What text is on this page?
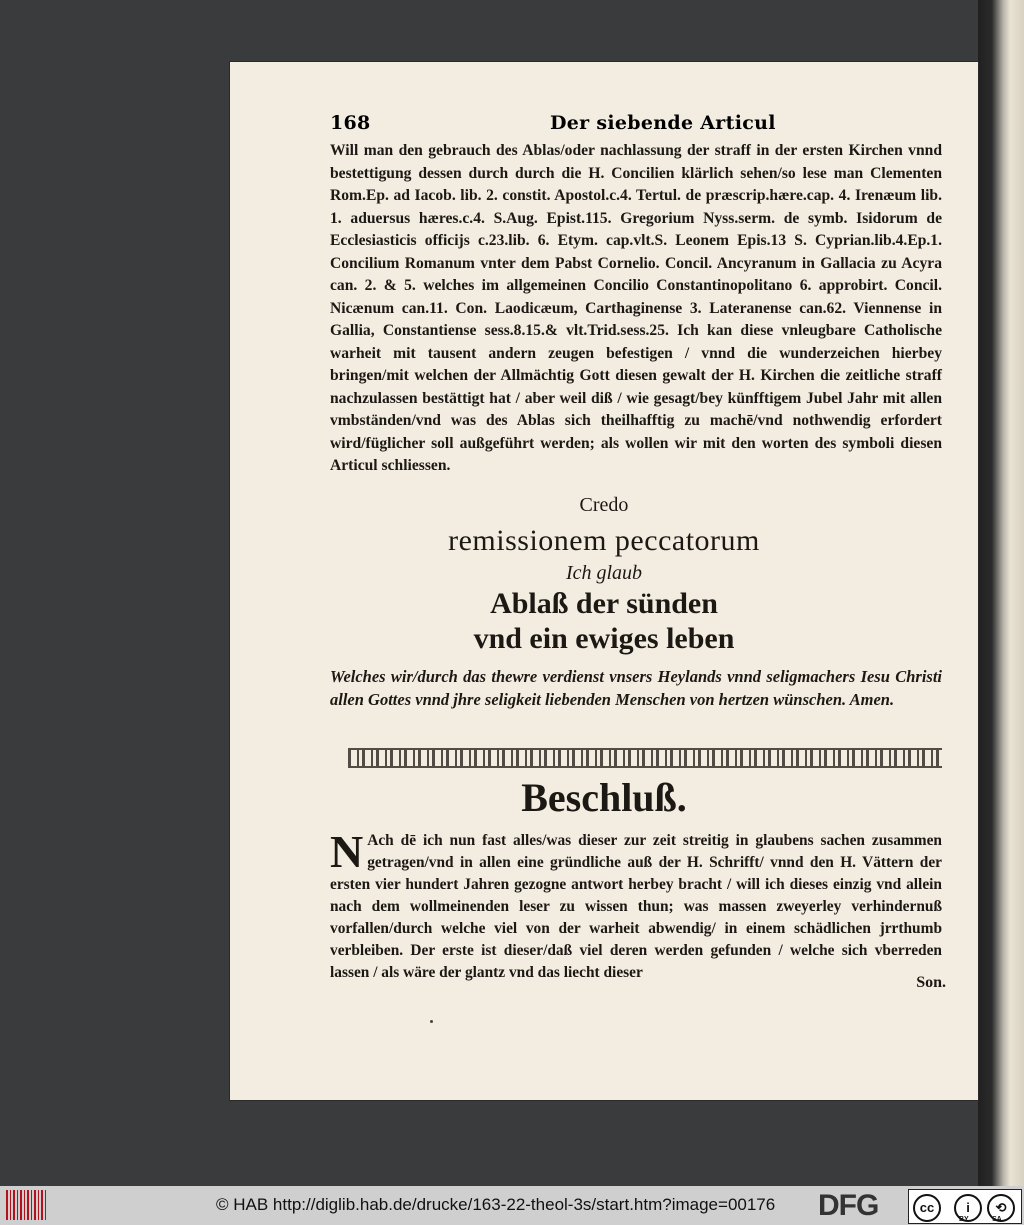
168	Der siebende Articul
Will man den gebrauch des Ablas/oder nachlassung der straff in der ersten Kirchen vnnd bestettigung dessen durch durch die H. Concilien klärlich sehen/so lese man Clementen Rom.Ep. ad Iacob. lib. 2. constit. Apostol.c.4. Tertul. de præscrip.hære.cap. 4. Irenæum lib. 1. aduersus hæres.c.4. S.Aug. Epist.115. Gregorium Nyss.serm. de symb. Isidorum de Ecclesiasticis officijs c.23.lib. 6. Etym. cap.vlt.S. Leonem Epis.13 S. Cyprian.lib.4.Ep.1. Concilium Romanum vnter dem Pabst Cornelio. Concil. Ancyranum in Gallacia zu Acyra can. 2. & 5. welches im allgemeinen Concilio Constantinopolitano 6. approbirt. Concil. Nicænum can.11. Con. Laodicæum, Carthaginense 3. Lateranense can.62. Viennense in Gallia, Constantiense sess.8.15.& vlt.Trid.sess.25. Ich kan diese vnleugbare Catholische warheit mit tausent andern zeugen befestigen / vnnd die wunderzeichen hierbey bringen/mit welchen der Allmächtig Gott diesen gewalt der H. Kirchen die zeitliche straff nachzulassen bestättigt hat / aber weil diß / wie gesagt/bey künfftigem Jubel Jahr mit allen vmbständen/vnd was des Ablas sich theilhafftig zu machē/vnd nothwendig erfordert wird/füglicher soll außgeführt werden; als wollen wir mit den worten des symboli diesen Articul schliessen.
Credo
remissionem peccatorum
Ich glaub
Ablaß der sünden
vnd ein ewiges leben
Welches wir/durch das thewre verdienst vnsers Heylands vnnd seligmachers Iesu Christi allen Gottes vnnd jhre seligkeit liebenden Menschen von hertzen wünschen. Amen.
Beschluß.
N Ach dē ich nun fast alles/was dieser zur zeit streitig in glaubens sachen zusammen getragen/vnd in allen eine gründliche auß der H. Schrifft/ vnnd den H. Vättern der ersten vier hundert Jahren gezogne antwort herbey bracht / will ich dieses einzig vnd allein nach dem wollmeinenden leser zu wissen thun; was massen zweyerley verhindernuß vorfallen/durch welche viel von der warheit abwendig/ in einem schädlichen jrrthumb verbleiben. Der erste ist dieser/daß viel deren werden gefunden / welche sich vberreden lassen / als wäre der glantz vnd das liecht dieser
Son.
© HAB http://diglib.hab.de/drucke/163-22-theol-3s/start.htm?image=00176 DFG	cc	i	⟲
BY	SA
